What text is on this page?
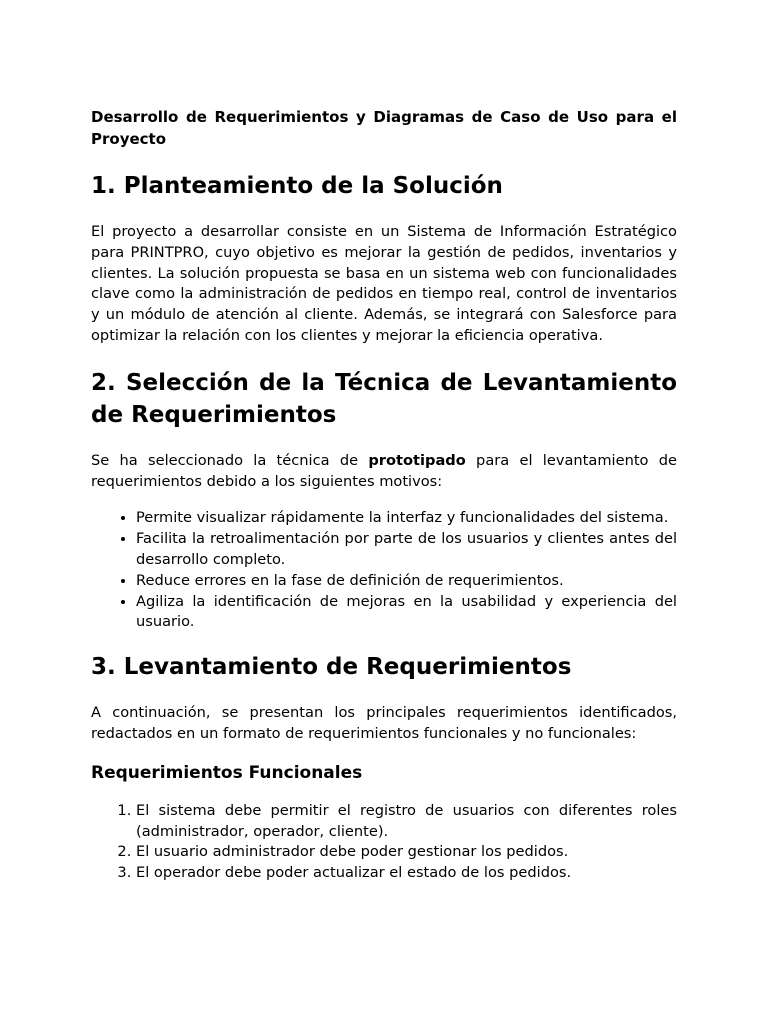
Desarrollo de Requerimientos y Diagramas de Caso de Uso para el Proyecto

1. Planteamiento de la Solución

El proyecto a desarrollar consiste en un Sistema de Información Estratégico para PRINTPRO, cuyo objetivo es mejorar la gestión de pedidos, inventarios y clientes. La solución propuesta se basa en un sistema web con funcionalidades clave como la administración de pedidos en tiempo real, control de inventarios y un módulo de atención al cliente. Además, se integrará con Salesforce para optimizar la relación con los clientes y mejorar la eficiencia operativa.

2. Selección de la Técnica de Levantamiento de Requerimientos

Se ha seleccionado la técnica de prototipado para el levantamiento de requerimientos debido a los siguientes motivos:

• Permite visualizar rápidamente la interfaz y funcionalidades del sistema.
• Facilita la retroalimentación por parte de los usuarios y clientes antes del desarrollo completo.
• Reduce errores en la fase de definición de requerimientos.
• Agiliza la identificación de mejoras en la usabilidad y experiencia del usuario.
3. Levantamiento de Requerimientos

A continuación, se presentan los principales requerimientos identificados, redactados en un formato de requerimientos funcionales y no funcionales:

Requerimientos Funcionales
1. El sistema debe permitir el registro de usuarios con diferentes roles (administrador, operador, cliente).
2. El usuario administrador debe poder gestionar los pedidos.
3. El operador debe poder actualizar el estado de los pedidos.
